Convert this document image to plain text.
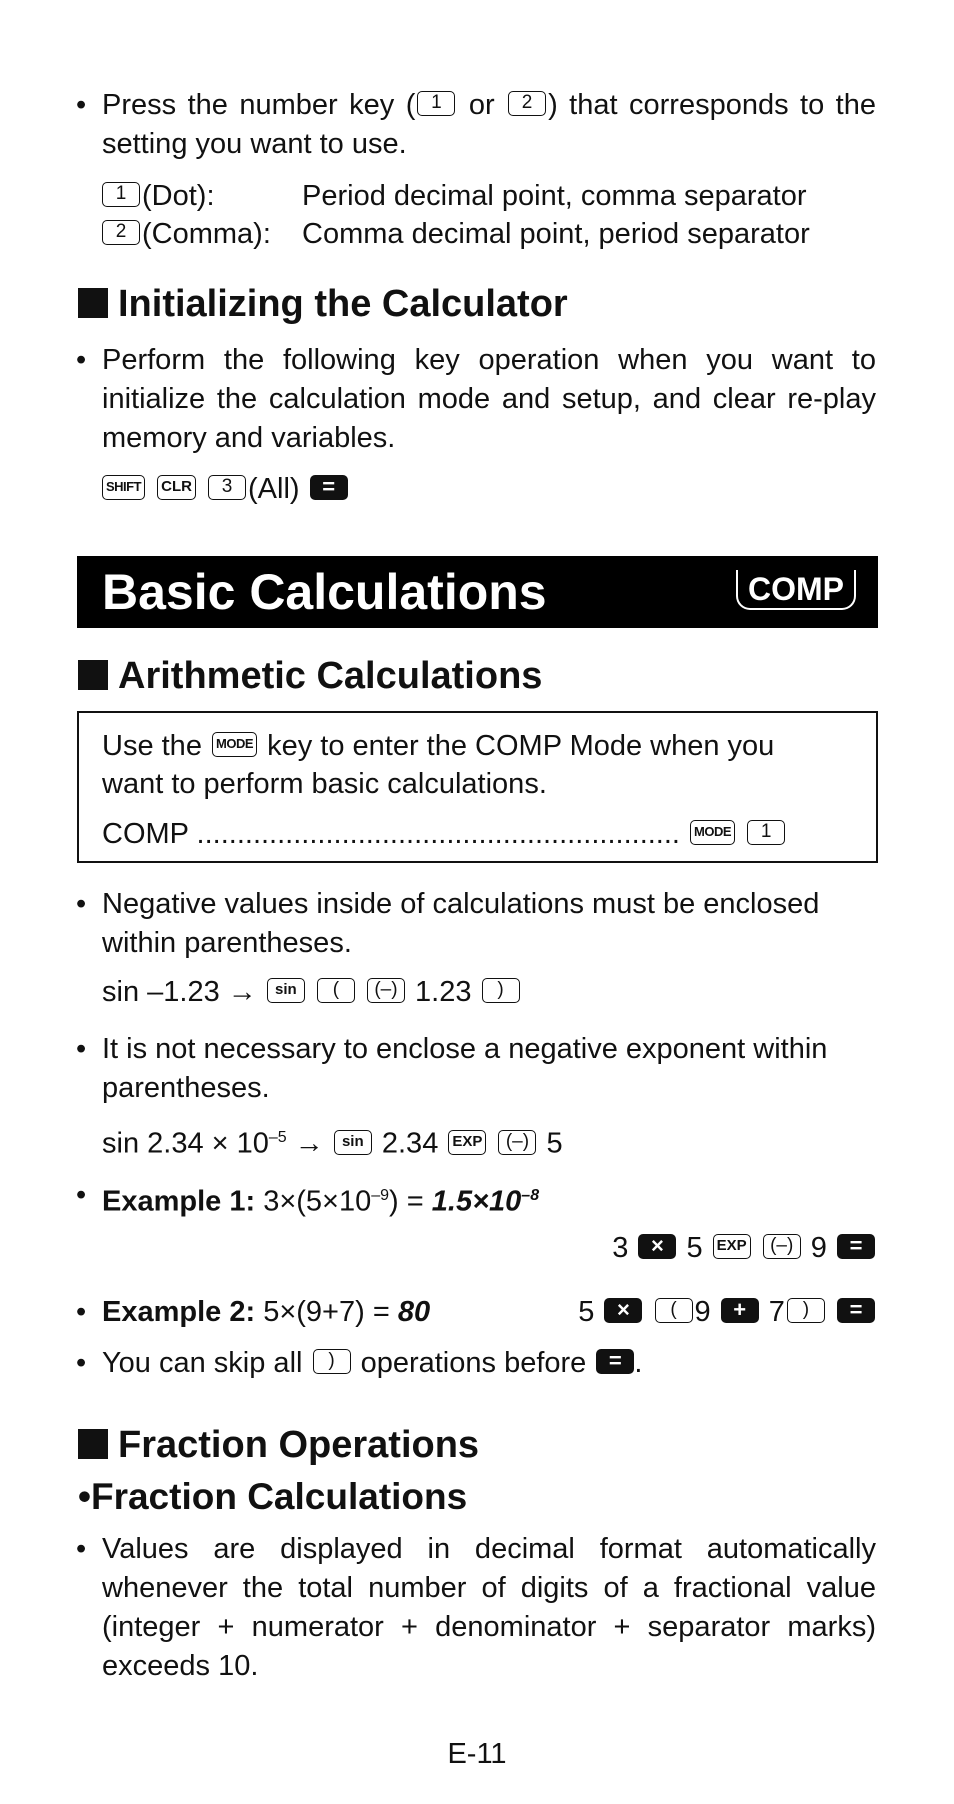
• Press the number key ( 1 or 2 ) that corresponds to the setting you want to use.
1 (Dot):	Period decimal point, comma separator
2 (Comma): Comma decimal point, period separator
Initializing the Calculator
• Perform the following key operation when you want to initialize the calculation mode and setup, and clear re-play memory and variables.
SHIFT CLR 3 (All) =
Basic Calculations	COMP
Arithmetic Calculations
Use the MODE key to enter the COMP Mode when you
want to perform basic calculations.
COMP ............................................................ MODE 1
• Negative values inside of calculations must be enclosed within parentheses.
sin –1.23 → sin ( (–) 1.23 )
• It is not necessary to enclose a negative exponent within parentheses.
$\sin 2.34 \times 10^{-5} \to \sin 2.34$ EXP (–) 5
• Example 1: $3\times(5\times 10^{-9}) = 1.5\times 10^{-8}$
3 × 5 EXP (–) 9 =
• Example 2: 5×(9+7) = 80	5 × ( 9 + 7 ) =
• You can skip all ) operations before = .
Fraction Operations
•Fraction Calculations
• Values are displayed in decimal format automatically whenever the total number of digits of a fractional value (integer + numerator + denominator + separator marks) exceeds 10.
E-11
